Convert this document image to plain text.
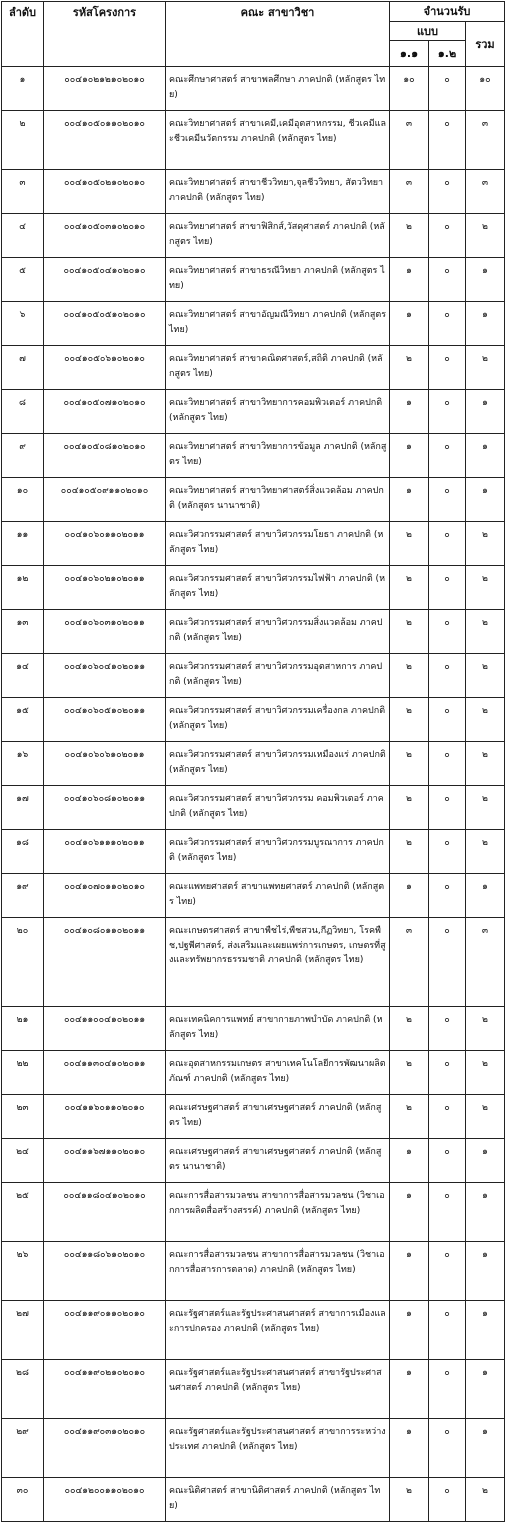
ลำดับ	รหัสโครงการ	คณะ สาขาวิชา	จำนวนรับ		
			แบบ		รวม
			๑.๑	๑.๒	
๑	๐๐๔๑๐๒๑๒๑๐๒๐๑๐	คณะศึกษาศาสตร์ สาขาพลศึกษา ภาคปกติ (หลักสูตร ไทย)	๑๐	๐	๑๐
๒	๐๐๔๑๐๕๐๑๑๐๒๐๑๐	คณะวิทยาศาสตร์ สาขาเคมี,เคมีอุตสาหกรรม, ชีวเคมีและชีวเคมีนวัตกรรม ภาคปกติ (หลักสูตร ไทย)	๓	๐	๓
๓	๐๐๔๑๐๕๐๒๑๐๒๐๑๐	คณะวิทยาศาสตร์ สาขาชีววิทยา,จุลชีววิทยา, สัตววิทยา ภาคปกติ (หลักสูตร ไทย)	๓	๐	๓
๔	๐๐๔๑๐๕๐๓๑๐๒๐๑๐	คณะวิทยาศาสตร์ สาขาฟิสิกส์,วัสดุศาสตร์ ภาคปกติ (หลักสูตร ไทย)	๒	๐	๒
๕	๐๐๔๑๐๕๐๔๑๐๒๐๑๐	คณะวิทยาศาสตร์ สาขาธรณีวิทยา ภาคปกติ (หลักสูตร ไทย)	๑	๐	๑
๖	๐๐๔๑๐๕๐๕๑๐๒๐๑๐	คณะวิทยาศาสตร์ สาขาอัญมณีวิทยา ภาคปกติ (หลักสูตร ไทย)	๑	๐	๑
๗	๐๐๔๑๐๕๐๖๑๐๒๐๑๐	คณะวิทยาศาสตร์ สาขาคณิตศาสตร์,สถิติ ภาคปกติ (หลักสูตร ไทย)	๒	๐	๒
๘	๐๐๔๑๐๕๐๗๑๐๒๐๑๐	คณะวิทยาศาสตร์ สาขาวิทยาการคอมพิวเตอร์ ภาคปกติ (หลักสูตร ไทย)	๑	๐	๑
๙	๐๐๔๑๐๕๐๘๑๐๒๐๑๐	คณะวิทยาศาสตร์ สาขาวิทยาการข้อมูล ภาคปกติ (หลักสูตร ไทย)	๑	๐	๑
๑๐	๐๐๔๑๐๕๐๙๑๑๐๒๐๑๐	คณะวิทยาศาสตร์ สาขาวิทยาศาสตร์สิ่งแวดล้อม ภาคปกติ (หลักสูตร นานาชาติ)	๑	๐	๑
๑๑	๐๐๔๑๐๖๐๑๑๐๒๐๑๑	คณะวิศวกรรมศาสตร์ สาขาวิศวกรรมโยธา ภาคปกติ (หลักสูตร ไทย)	๒	๐	๒
๑๒	๐๐๔๑๐๖๐๒๑๐๒๐๑๑	คณะวิศวกรรมศาสตร์ สาขาวิศวกรรมไฟฟ้า ภาคปกติ (หลักสูตร ไทย)	๒	๐	๒
๑๓	๐๐๔๑๐๖๐๓๑๐๒๐๑๑	คณะวิศวกรรมศาสตร์ สาขาวิศวกรรมสิ่งแวดล้อม ภาคปกติ (หลักสูตร ไทย)	๒	๐	๒
๑๔	๐๐๔๑๐๖๐๔๑๐๒๐๑๑	คณะวิศวกรรมศาสตร์ สาขาวิศวกรรมอุตสาหการ ภาคปกติ (หลักสูตร ไทย)	๒	๐	๒
๑๕	๐๐๔๑๐๖๐๕๑๐๒๐๑๑	คณะวิศวกรรมศาสตร์ สาขาวิศวกรรมเครื่องกล ภาคปกติ (หลักสูตร ไทย)	๒	๐	๒
๑๖	๐๐๔๑๐๖๐๖๑๐๒๐๑๑	คณะวิศวกรรมศาสตร์ สาขาวิศวกรรมเหมืองแร่ ภาคปกติ (หลักสูตร ไทย)	๒	๐	๒
๑๗	๐๐๔๑๐๖๐๘๑๐๒๐๑๑	คณะวิศวกรรมศาสตร์ สาขาวิศวกรรม คอมพิวเตอร์ ภาคปกติ (หลักสูตร ไทย)	๒	๐	๒
๑๘	๐๐๔๑๐๖๑๑๑๐๒๐๑๑	คณะวิศวกรรมศาสตร์ สาขาวิศวกรรมบูรณาการ ภาคปกติ (หลักสูตร ไทย)	๒	๐	๒
๑๙	๐๐๔๑๐๗๐๑๑๐๒๐๑๐	คณะแพทยศาสตร์ สาขาแพทยศาสตร์ ภาคปกติ (หลักสูตร ไทย)	๑	๐	๑
๒๐	๐๐๔๑๐๘๐๑๑๐๒๐๑๑	คณะเกษตรศาสตร์ สาขาพืชไร่,พืชสวน,กีฏวิทยา, โรคพืช,ปฐพีศาสตร์, ส่งเสริมและเผยแพร่การเกษตร, เกษตรที่สูงและทรัพยากรธรรมชาติ ภาคปกติ (หลักสูตร ไทย)	๓	๐	๓
๒๑	๐๐๔๑๑๐๐๔๑๐๒๐๑๑	คณะเทคนิคการแพทย์ สาขากายภาพบำบัด ภาคปกติ (หลักสูตร ไทย)	๒	๐	๒
๒๒	๐๐๔๑๑๓๐๔๑๐๒๐๑๑	คณะอุตสาหกรรมเกษตร สาขาเทคโนโลยีการพัฒนาผลิตภัณฑ์ ภาคปกติ (หลักสูตร ไทย)	๒	๐	๒
๒๓	๐๐๔๑๑๖๐๑๑๐๒๐๑๐	คณะเศรษฐศาสตร์ สาขาเศรษฐศาสตร์ ภาคปกติ (หลักสูตร ไทย)	๒	๐	๒
๒๔	๐๐๔๑๑๖๗๑๑๐๒๐๑๐	คณะเศรษฐศาสตร์ สาขาเศรษฐศาสตร์ ภาคปกติ (หลักสูตร นานาชาติ)	๑	๐	๑
๒๕	๐๐๔๑๑๘๐๔๑๐๒๐๑๐	คณะการสื่อสารมวลชน สาขาการสื่อสารมวลชน (วิชาเอกการผลิตสื่อสร้างสรรค์) ภาคปกติ (หลักสูตร ไทย)	๑	๐	๑
๒๖	๐๐๔๑๑๘๐๖๑๐๒๐๑๐	คณะการสื่อสารมวลชน สาขาการสื่อสารมวลชน (วิชาเอกการสื่อสารการตลาด) ภาคปกติ (หลักสูตร ไทย)	๑	๐	๑
๒๗	๐๐๔๑๑๙๐๑๑๐๒๐๑๐	คณะรัฐศาสตร์และรัฐประศาสนศาสตร์ สาขาการเมืองและการปกครอง ภาคปกติ (หลักสูตร ไทย)	๑	๐	๑
๒๘	๐๐๔๑๑๙๐๒๑๐๒๐๑๐	คณะรัฐศาสตร์และรัฐประศาสนศาสตร์ สาขารัฐประศาสนศาสตร์ ภาคปกติ (หลักสูตร ไทย)	๑	๐	๑
๒๙	๐๐๔๑๑๙๐๓๑๐๒๐๑๐	คณะรัฐศาสตร์และรัฐประศาสนศาสตร์ สาขาการระหว่างประเทศ ภาคปกติ (หลักสูตร ไทย)	๑	๐	๑
๓๐	๐๐๔๑๒๐๐๑๑๐๒๐๑๐	คณะนิติศาสตร์ สาขานิติศาสตร์ ภาคปกติ (หลักสูตร ไทย)	๒	๐	๒
